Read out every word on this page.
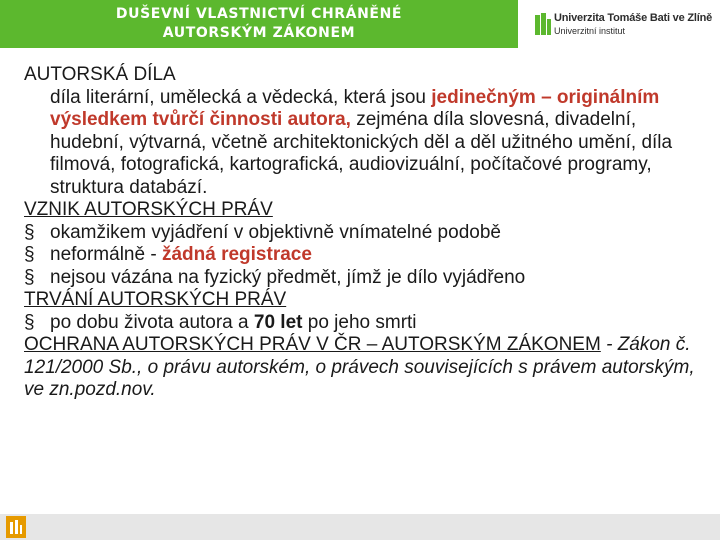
DUŠEVNÍ VLASTNICTVÍ CHRÁNĚNÉ
AUTORSKÝM ZÁKONEM
Univerzita Tomáše Bati ve Zlíně
Univerzitní institut

AUTORSKÁ DÍLA

díla literární, umělecká a vědecká, která jsou jedinečným – originálním výsledkem tvůrčí činnosti autora, zejména díla slovesná, divadelní, hudební, výtvarná, včetně architektonických děl a děl užitného umění, díla filmová, fotografická, kartografická, audiovizuální, počítačové programy, struktura databází.

VZNIK AUTORSKÝCH PRÁV

§ okamžikem vyjádření v objektivně vnímatelné podobě

§ neformálně - žádná registrace

§ nejsou vázána na fyzický předmět, jímž je dílo vyjádřeno

TRVÁNÍ AUTORSKÝCH PRÁV

§ po dobu života autora a 70 let po jeho smrti

OCHRANA AUTORSKÝCH PRÁV V ČR – AUTORSKÝM ZÁKONEM - Zákon č. 121/2000 Sb., o právu autorském, o právech souvisejících s právem autorským, ve zn.pozd.nov.
